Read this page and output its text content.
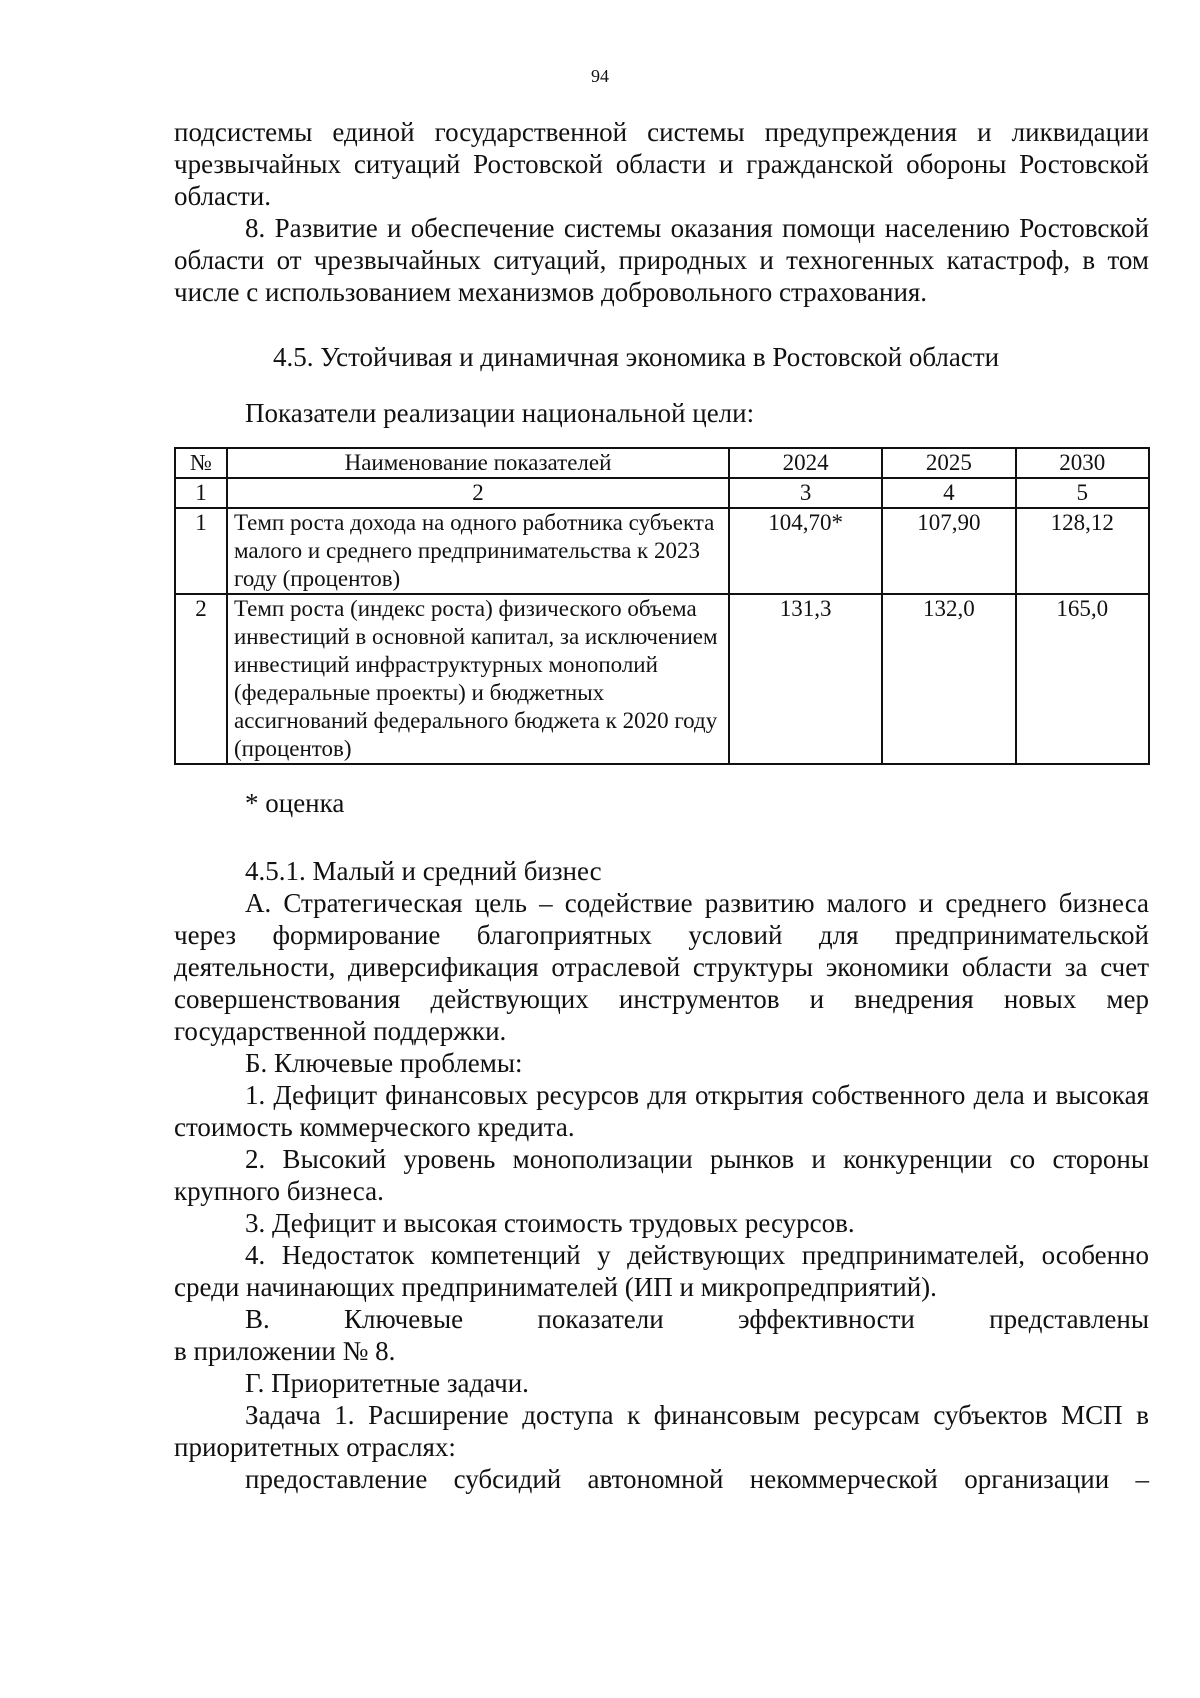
94

подсистемы единой государственной системы предупреждения и ликвидации чрезвычайных ситуаций Ростовской области и гражданской обороны Ростовской области.

8. Развитие и обеспечение системы оказания помощи населению Ростовской области от чрезвычайных ситуаций, природных и техногенных катастроф, в том числе с использованием механизмов добровольного страхования.

4.5. Устойчивая и динамичная экономика в Ростовской области

Показатели реализации национальной цели:

№	Наименование показателей	2024	2025	2030
1	2	3	4	5
1	Темп роста дохода на одного работника субъекта малого и среднего предпринимательства к 2023 году (процентов)	104,70*	107,90	128,12
2	Темп роста (индекс роста) физического объема инвестиций в основной капитал, за исключением инвестиций инфраструктурных монополий (федеральные проекты) и бюджетных ассигнований федерального бюджета к 2020 году (процентов)	131,3	132,0	165,0

* оценка

4.5.1. Малый и средний бизнес

А. Стратегическая цель – содействие развитию малого и среднего бизнеса через формирование благоприятных условий для предпринимательской деятельности, диверсификация отраслевой структуры экономики области за счет совершенствования действующих инструментов и внедрения новых мер государственной поддержки.

Б. Ключевые проблемы:

1. Дефицит финансовых ресурсов для открытия собственного дела и высокая стоимость коммерческого кредита.

2. Высокий уровень монополизации рынков и конкуренции со стороны крупного бизнеса.

3. Дефицит и высокая стоимость трудовых ресурсов.

4. Недостаток компетенций у действующих предпринимателей, особенно среди начинающих предпринимателей (ИП и микропредприятий).

В. Ключевые показатели эффективности представлены

в приложении № 8.

Г. Приоритетные задачи.

Задача 1. Расширение доступа к финансовым ресурсам субъектов МСП в приоритетных отраслях:

предоставление субсидий автономной некоммерческой организации –
